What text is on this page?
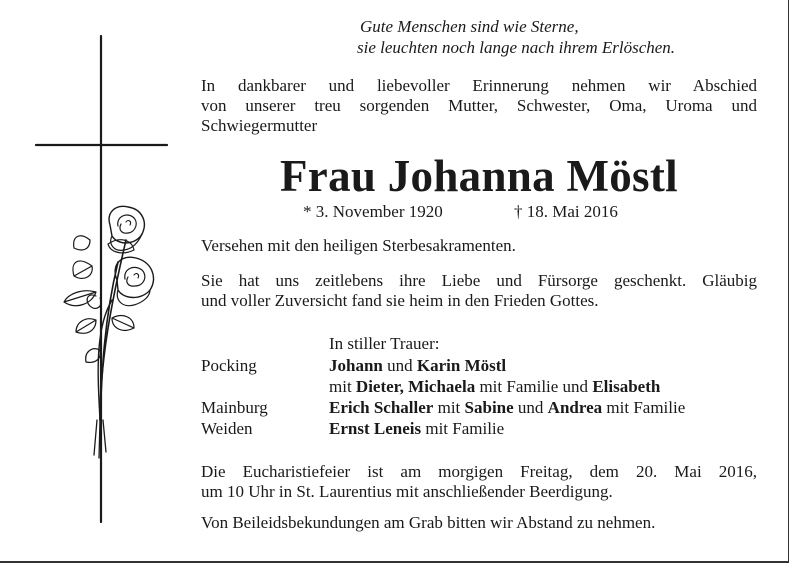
Gute Menschen sind wie Sterne,
sie leuchten noch lange nach ihrem Erlöschen.
In dankbarer und liebevoller Erinnerung nehmen wir Abschied
von unserer treu sorgenden Mutter, Schwester, Oma, Uroma und
Schwiegermutter
Frau Johanna Möstl
* 3. November 1920	† 18. Mai 2016
Versehen mit den heiligen Sterbesakramenten.
Sie hat uns zeitlebens ihre Liebe und Fürsorge geschenkt. Gläubig
und voller Zuversicht fand sie heim in den Frieden Gottes.
In stiller Trauer:
Pocking	Johann und Karin Möstl
mit Dieter, Michaela mit Familie und Elisabeth
Mainburg	Erich Schaller mit Sabine und Andrea mit Familie
Weiden	Ernst Leneis mit Familie
Die Eucharistiefeier ist am morgigen Freitag, dem 20. Mai 2016,
um 10 Uhr in St. Laurentius mit anschließender Beerdigung.
Von Beileidsbekundungen am Grab bitten wir Abstand zu nehmen.
